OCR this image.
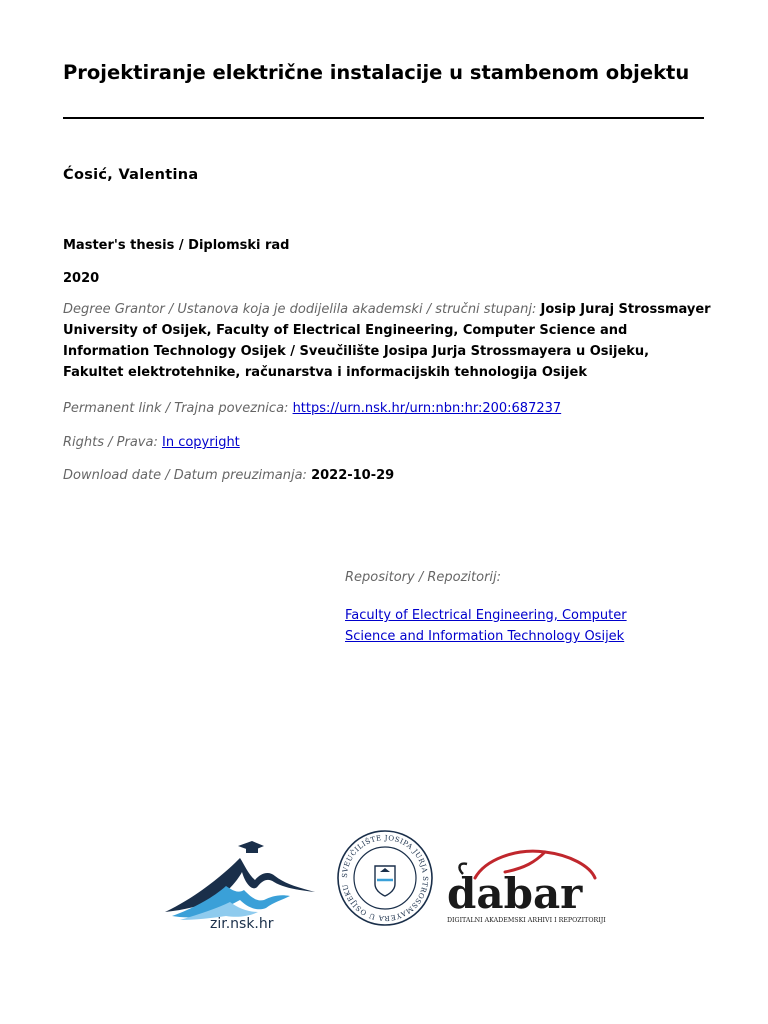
Projektiranje električne instalacije u stambenom objektu
Ćosić, Valentina
Master's thesis / Diplomski rad
2020
Degree Grantor / Ustanova koja je dodijelila akademski / stručni stupanj: Josip Juraj Strossmayer University of Osijek, Faculty of Electrical Engineering, Computer Science and Information Technology Osijek / Sveučilište Josipa Jurja Strossmayera u Osijeku, Fakultet elektrotehnike, računarstva i informacijskih tehnologija Osijek
Permanent link / Trajna poveznica: https://urn.nsk.hr/urn:nbn:hr:200:687237
Rights / Prava: In copyright
Download date / Datum preuzimanja: 2022-10-29
Repository / Repozitorij:
Faculty of Electrical Engineering, Computer Science and Information Technology Osijek
zir.nsk.hr
SVEUČILIŠTE JOSIPA JURJA STROSSMAYERA U OSIJEKU	dabar
DIGITALNI AKADEMSKI ARHIVI I REPOZITORIJI
